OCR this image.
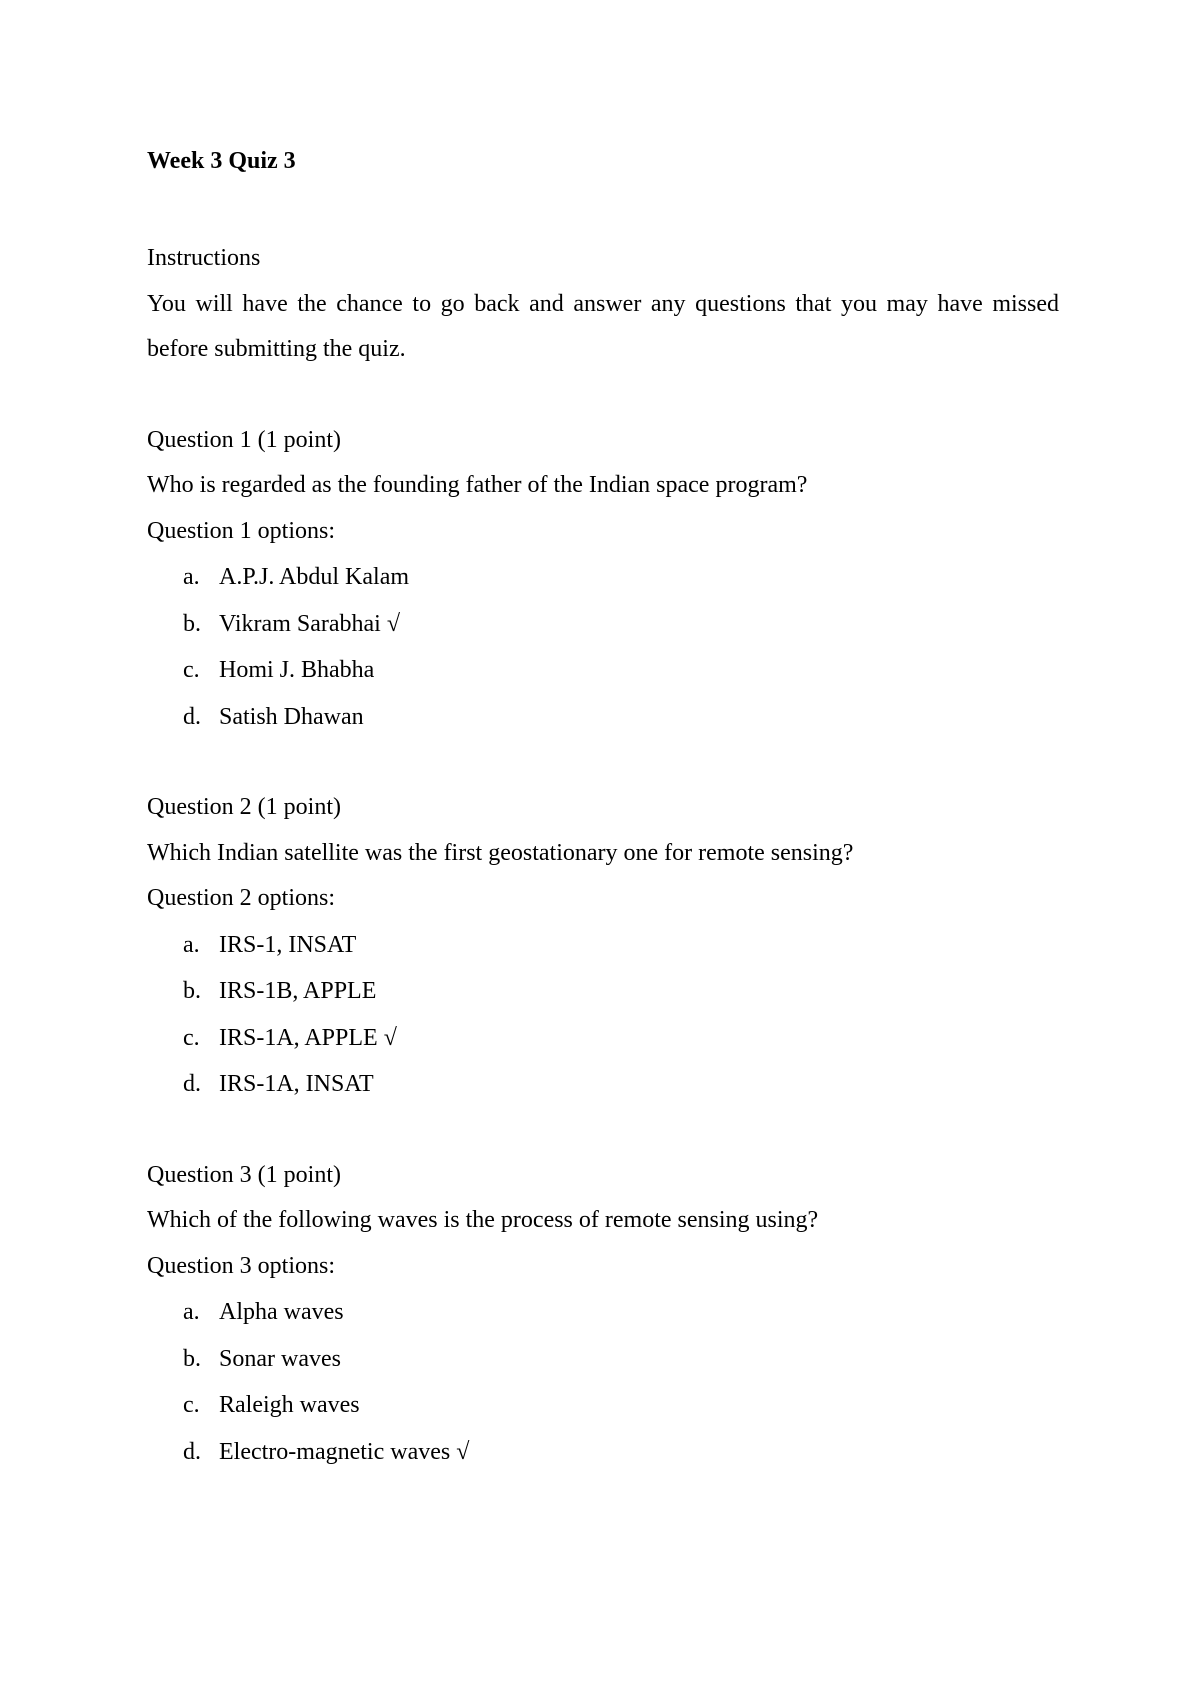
Week 3 Quiz 3
Instructions
You will have the chance to go back and answer any questions that you may have missed before submitting the quiz.
Question 1 (1 point)
Who is regarded as the founding father of the Indian space program?
Question 1 options:
a. A.P.J. Abdul Kalam
b. Vikram Sarabhai √
c. Homi J. Bhabha
d. Satish Dhawan
Question 2 (1 point)
Which Indian satellite was the first geostationary one for remote sensing?
Question 2 options:
a. IRS-1, INSAT
b. IRS-1B, APPLE
c. IRS-1A, APPLE √
d. IRS-1A, INSAT
Question 3 (1 point)
Which of the following waves is the process of remote sensing using?
Question 3 options:
a. Alpha waves
b. Sonar waves
c. Raleigh waves
d. Electro-magnetic waves √
